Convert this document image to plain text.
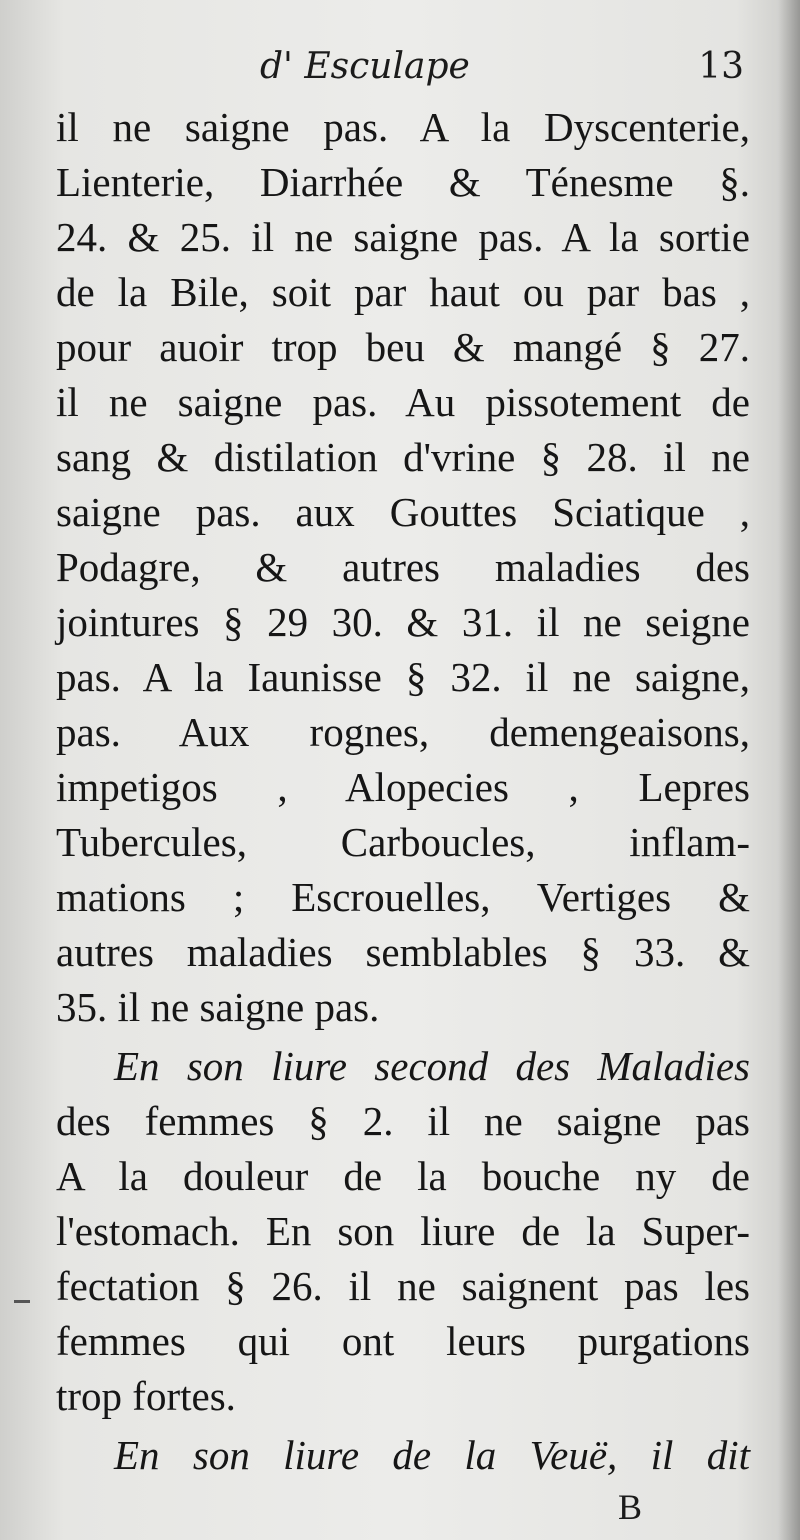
d' Esculape	13
il ne saigne pas. A la Dyscenterie,
Lienterie, Diarrhée & Ténesme §.
24. & 25. il ne saigne pas. A la sortie
de la Bile, soit par haut ou par bas ,
pour auoir trop beu & mangé § 27.
il ne saigne pas. Au pissotement de
sang & distilation d'vrine § 28. il ne
saigne pas. aux Gouttes Sciatique ,
Podagre, & autres maladies des
jointures § 29 30. & 31. il ne seigne
pas. A la Iaunisse § 32. il ne saigne,
pas. Aux rognes, demengeaisons,
impetigos , Alopecies , Lepres
Tubercules, Carboucles, inflam-
mations ; Escrouelles, Vertiges &
autres maladies semblables § 33. &
35. il ne saigne pas.
En son liure second des Maladies
des femmes § 2. il ne saigne pas
A la douleur de la bouche ny de
l'estomach. En son liure de la Super-
fectation § 26. il ne saignent pas les
femmes qui ont leurs purgations
trop fortes.
En son liure de la Veuë, il dit
B
